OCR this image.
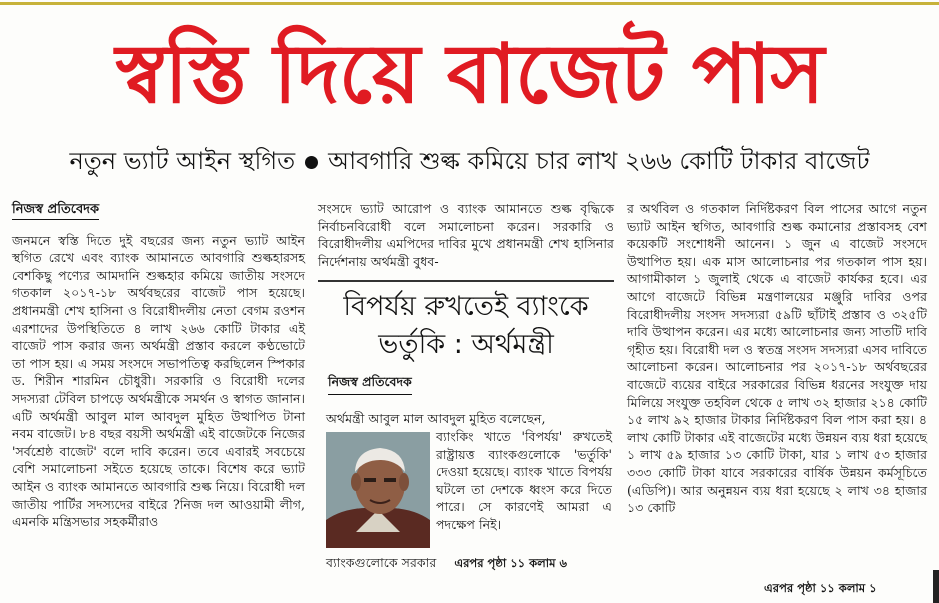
স্বস্তি দিয়ে বাজেট পাস
নতুন ভ্যাট আইন স্থগিত আবগারি শুল্ক কমিয়ে চার লাখ ২৬৬ কোটি টাকার বাজেট
নিজস্ব প্রতিবেদক

জনমনে স্বস্তি দিতে দুই বছরের জন্য নতুন ভ্যাট আইন স্থগিত রেখে এবং ব্যাংক আমানতে আবগারি শুল্কহারসহ বেশকিছু পণ্যের আমদানি শুল্কহার কমিয়ে জাতীয় সংসদে গতকাল ২০১৭-১৮ অর্থবছরের বাজেট পাস হয়েছে। প্রধানমন্ত্রী শেখ হাসিনা ও বিরোধীদলীয় নেতা বেগম রওশন এরশাদের উপস্থিতিতে ৪ লাখ ২৬৬ কোটি টাকার এই বাজেট পাস করার জন্য অর্থমন্ত্রী প্রস্তাব করলে কণ্ঠভোটে তা পাস হয়। এ সময় সংসদে সভাপতিত্ব করছিলেন স্পিকার ড. শিরীন শারমিন চৌধুরী। সরকারি ও বিরোধী দলের সদস্যরা টেবিল চাপড়ে অর্থমন্ত্রীকে সমর্থন ও স্বাগত জানান। এটি অর্থমন্ত্রী আবুল মাল আবদুল মুহিত উত্থাপিত টানা নবম বাজেট। ৮৪ বছর বয়সী অর্থমন্ত্রী এই বাজেটকে নিজের 'সর্বশ্রেষ্ঠ বাজেট' বলে দাবি করেন। তবে এবারই সবচেয়ে বেশি সমালোচনা সইতে হয়েছে তাকে। বিশেষ করে ভ্যাট আইন ও ব্যাংক আমানতে আবগারি শুল্ক নিয়ে। বিরোধী দল জাতীয় পার্টির সদস্যদের বাইরে ?নিজ দল আওয়ামী লীগ, এমনকি মন্ত্রিসভার সহকর্মীরাও

সংসদে ভ্যাট আরোপ ও ব্যাংক আমানতে শুল্ক বৃদ্ধিকে নির্বাচনবিরোধী বলে সমালোচনা করেন। সরকারি ও বিরোধীদলীয় এমপিদের দাবির মুখে প্রধানমন্ত্রী শেখ হাসিনার নির্দেশনায় অর্থমন্ত্রী বুধব-

বিপর্যয় রুখতেই ব্যাংকে
ভর্তুকি : অর্থমন্ত্রী
নিজস্ব প্রতিবেদক
অর্থমন্ত্রী আবুল মাল আবদুল মুহিত বলেছেন,
ব্যাংকিং খাতে 'বিপর্যয়' রুখতেই রাষ্ট্রায়ত্ত ব্যাংকগুলোকে 'ভর্তুকি' দেওয়া হয়েছে। ব্যাংক খাতে বিপর্যয় ঘটলে তা দেশকে ধ্বংস করে দিতে পারে। সে কারণেই আমরা এ পদক্ষেপ নিই।
ব্যাংকগুলোকে সরকার এরপর পৃষ্ঠা ১১ কলাম ৬

র অর্থবিল ও গতকাল নির্দিষ্টকরণ বিল পাসের আগে নতুন ভ্যাট আইন স্থগিত, আবগারি শুল্ক কমানোর প্রস্তাবসহ বেশ কয়েকটি সংশোধনী আনেন। ১ জুন এ বাজেট সংসদে উত্থাপিত হয়। এক মাস আলোচনার পর গতকাল পাস হয়। আগামীকাল ১ জুলাই থেকে এ বাজেট কার্যকর হবে। এর আগে বাজেটে বিভিন্ন মন্ত্রণালয়ের মঞ্জুরি দাবির ওপর বিরোধীদলীয় সংসদ সদস্যরা ৫৯টি ছাঁটাই প্রস্তাব ও ৩২৫টি দাবি উত্থাপন করেন। এর মধ্যে আলোচনার জন্য সাতটি দাবি গৃহীত হয়। বিরোধী দল ও স্বতন্ত্র সংসদ সদস্যরা এসব দাবিতে আলোচনা করেন। আলোচনার পর ২০১৭-১৮ অর্থবছরের বাজেটে ব্যয়ের বাইরে সরকারের বিভিন্ন ধরনের সংযুক্ত দায় মিলিয়ে সংযুক্ত তহবিল থেকে ৫ লাখ ৩২ হাজার ২১৪ কোটি ১৫ লাখ ৯২ হাজার টাকার নির্দিষ্টকরণ বিল পাস করা হয়। ৪ লাখ কোটি টাকার এই বাজেটের মধ্যে উন্নয়ন ব্যয় ধরা হয়েছে ১ লাখ ৫৯ হাজার ১৩ কোটি টাকা, যার ১ লাখ ৫৩ হাজার ৩৩৩ কোটি টাকা যাবে সরকারের বার্ষিক উন্নয়ন কর্মসূচিতে (এডিপি)। আর অনুন্নয়ন ব্যয় ধরা হয়েছে ২ লাখ ৩৪ হাজার ১৩ কোটি

এরপর পৃষ্ঠা ১১ কলাম ১
